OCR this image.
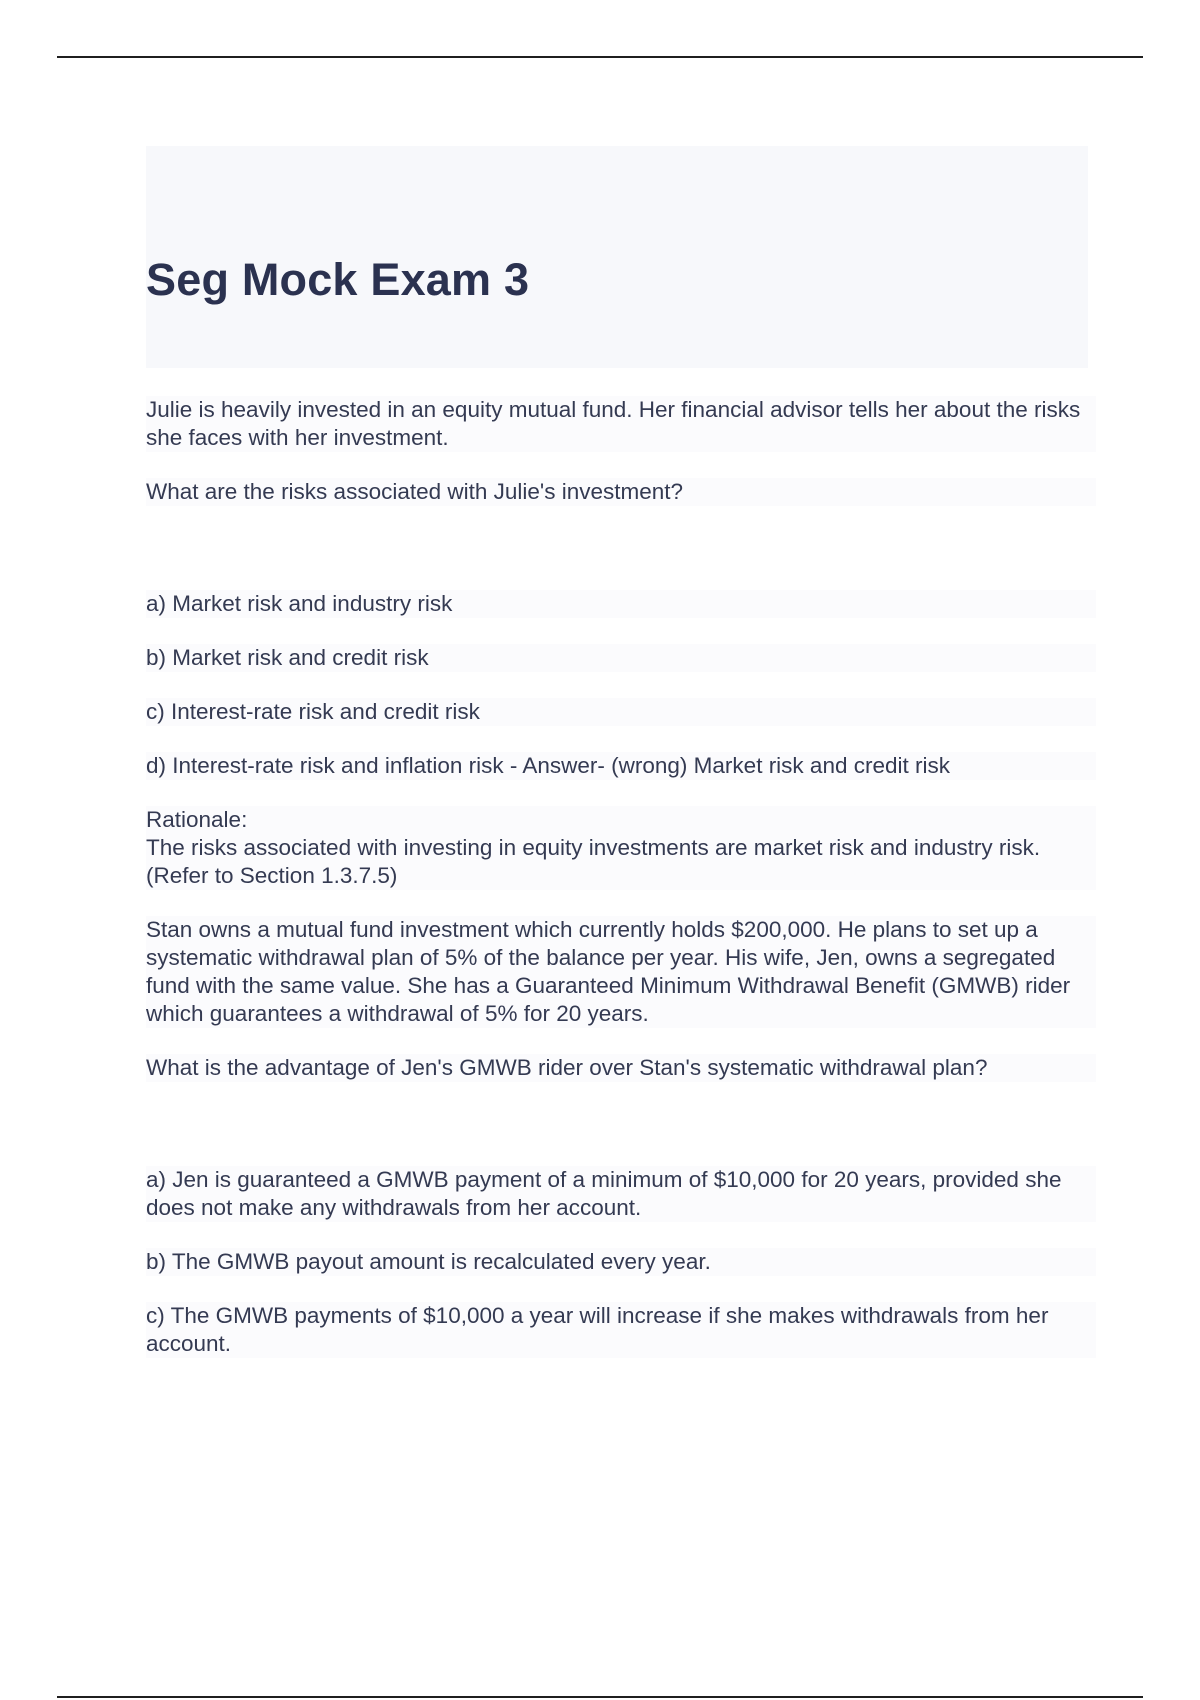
Seg Mock Exam 3

Julie is heavily invested in an equity mutual fund. Her financial advisor tells her about the risks she faces with her investment.

What are the risks associated with Julie's investment?

a) Market risk and industry risk

b) Market risk and credit risk

c) Interest-rate risk and credit risk

d) Interest-rate risk and inflation risk - Answer- (wrong) Market risk and credit risk

Rationale:

The risks associated with investing in equity investments are market risk and industry risk. (Refer to Section 1.3.7.5)

Stan owns a mutual fund investment which currently holds $200,000. He plans to set up a systematic withdrawal plan of 5% of the balance per year. His wife, Jen, owns a segregated fund with the same value. She has a Guaranteed Minimum Withdrawal Benefit (GMWB) rider which guarantees a withdrawal of 5% for 20 years.

What is the advantage of Jen's GMWB rider over Stan's systematic withdrawal plan?

a) Jen is guaranteed a GMWB payment of a minimum of $10,000 for 20 years, provided she does not make any withdrawals from her account.

b) The GMWB payout amount is recalculated every year.

c) The GMWB payments of $10,000 a year will increase if she makes withdrawals from her account.
